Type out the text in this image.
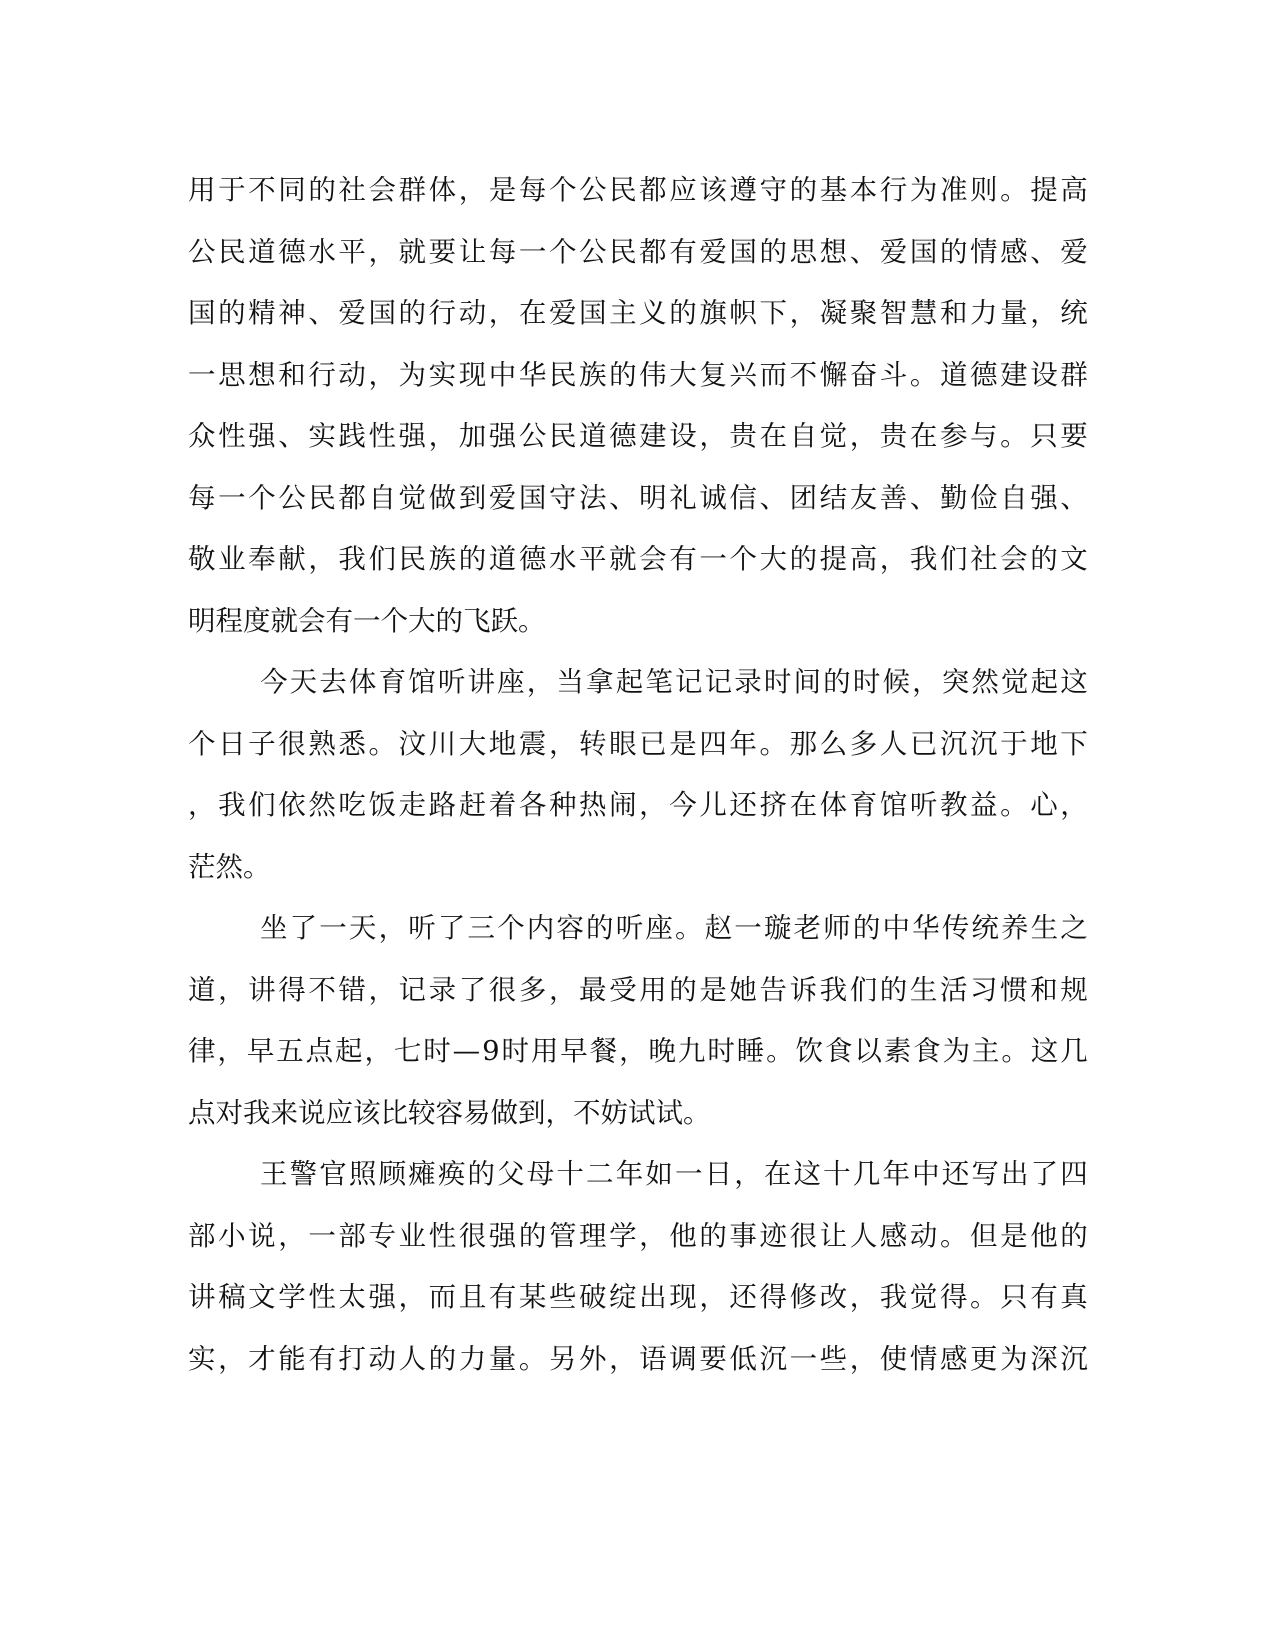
用 于 不 同 的 社 会 群 体 ， 是 每 个 公 民 都 应 该 遵 守 的 基 本 行 为 准 则 。 提 高
公 民 道 德 水 平 ， 就 要 让 每 一 个 公 民 都 有 爱 国 的 思 想 、 爱 国 的 情 感 、 爱
国 的 精 神 、 爱 国 的 行 动 ， 在 爱 国 主 义 的 旗 帜 下 ， 凝 聚 智 慧 和 力 量 ， 统
一 思 想 和 行 动 ， 为 实 现 中 华 民 族 的 伟 大 复 兴 而 不 懈 奋 斗 。 道 德 建 设 群
众 性 强 、 实 践 性 强 ， 加 强 公 民 道 德 建 设 ， 贵 在 自 觉 ， 贵 在 参 与 。 只 要
每 一 个 公 民 都 自 觉 做 到 爱 国 守 法 、 明 礼 诚 信 、 团 结 友 善 、 勤 俭 自 强 、
敬 业 奉 献 ， 我 们 民 族 的 道 德 水 平 就 会 有 一 个 大 的 提 高 ， 我 们 社 会 的 文
明 程 度 就 会 有 一 个 大 的 飞 跃 。
今 天 去 体 育 馆 听 讲 座 ， 当 拿 起 笔 记 记 录 时 间 的 时 候 ， 突 然 觉 起 这
个 日 子 很 熟 悉 。 汶 川 大 地 震 ， 转 眼 已 是 四 年 。 那 么 多 人 已 沉 沉 于 地 下
， 我 们 依 然 吃 饭 走 路 赶 着 各 种 热 闹 ， 今 儿 还 挤 在 体 育 馆 听 教 益 。 心 ，
茫 然 。
坐 了 一 天 ， 听 了 三 个 内 容 的 听 座 。 赵 一 璇 老 师 的 中 华 传 统 养 生 之
道 ， 讲 得 不 错 ， 记 录 了 很 多 ， 最 受 用 的 是 她 告 诉 我 们 的 生 活 习 惯 和 规
律 ， 早 五 点 起 ， 七 时 — 9 时 用 早 餐 ， 晚 九 时 睡 。 饮 食 以 素 食 为 主 。 这 几
点 对 我 来 说 应 该 比 较 容 易 做 到 ， 不 妨 试 试 。
王 警 官 照 顾 瘫 痪 的 父 母 十 二 年 如 一 日 ， 在 这 十 几 年 中 还 写 出 了 四
部 小 说 ， 一 部 专 业 性 很 强 的 管 理 学 ， 他 的 事 迹 很 让 人 感 动 。 但 是 他 的
讲 稿 文 学 性 太 强 ， 而 且 有 某 些 破 绽 出 现 ， 还 得 修 改 ， 我 觉 得 。 只 有 真
实 ， 才 能 有 打 动 人 的 力 量 。 另 外 ， 语 调 要 低 沉 一 些 ， 使 情 感 更 为 深 沉
